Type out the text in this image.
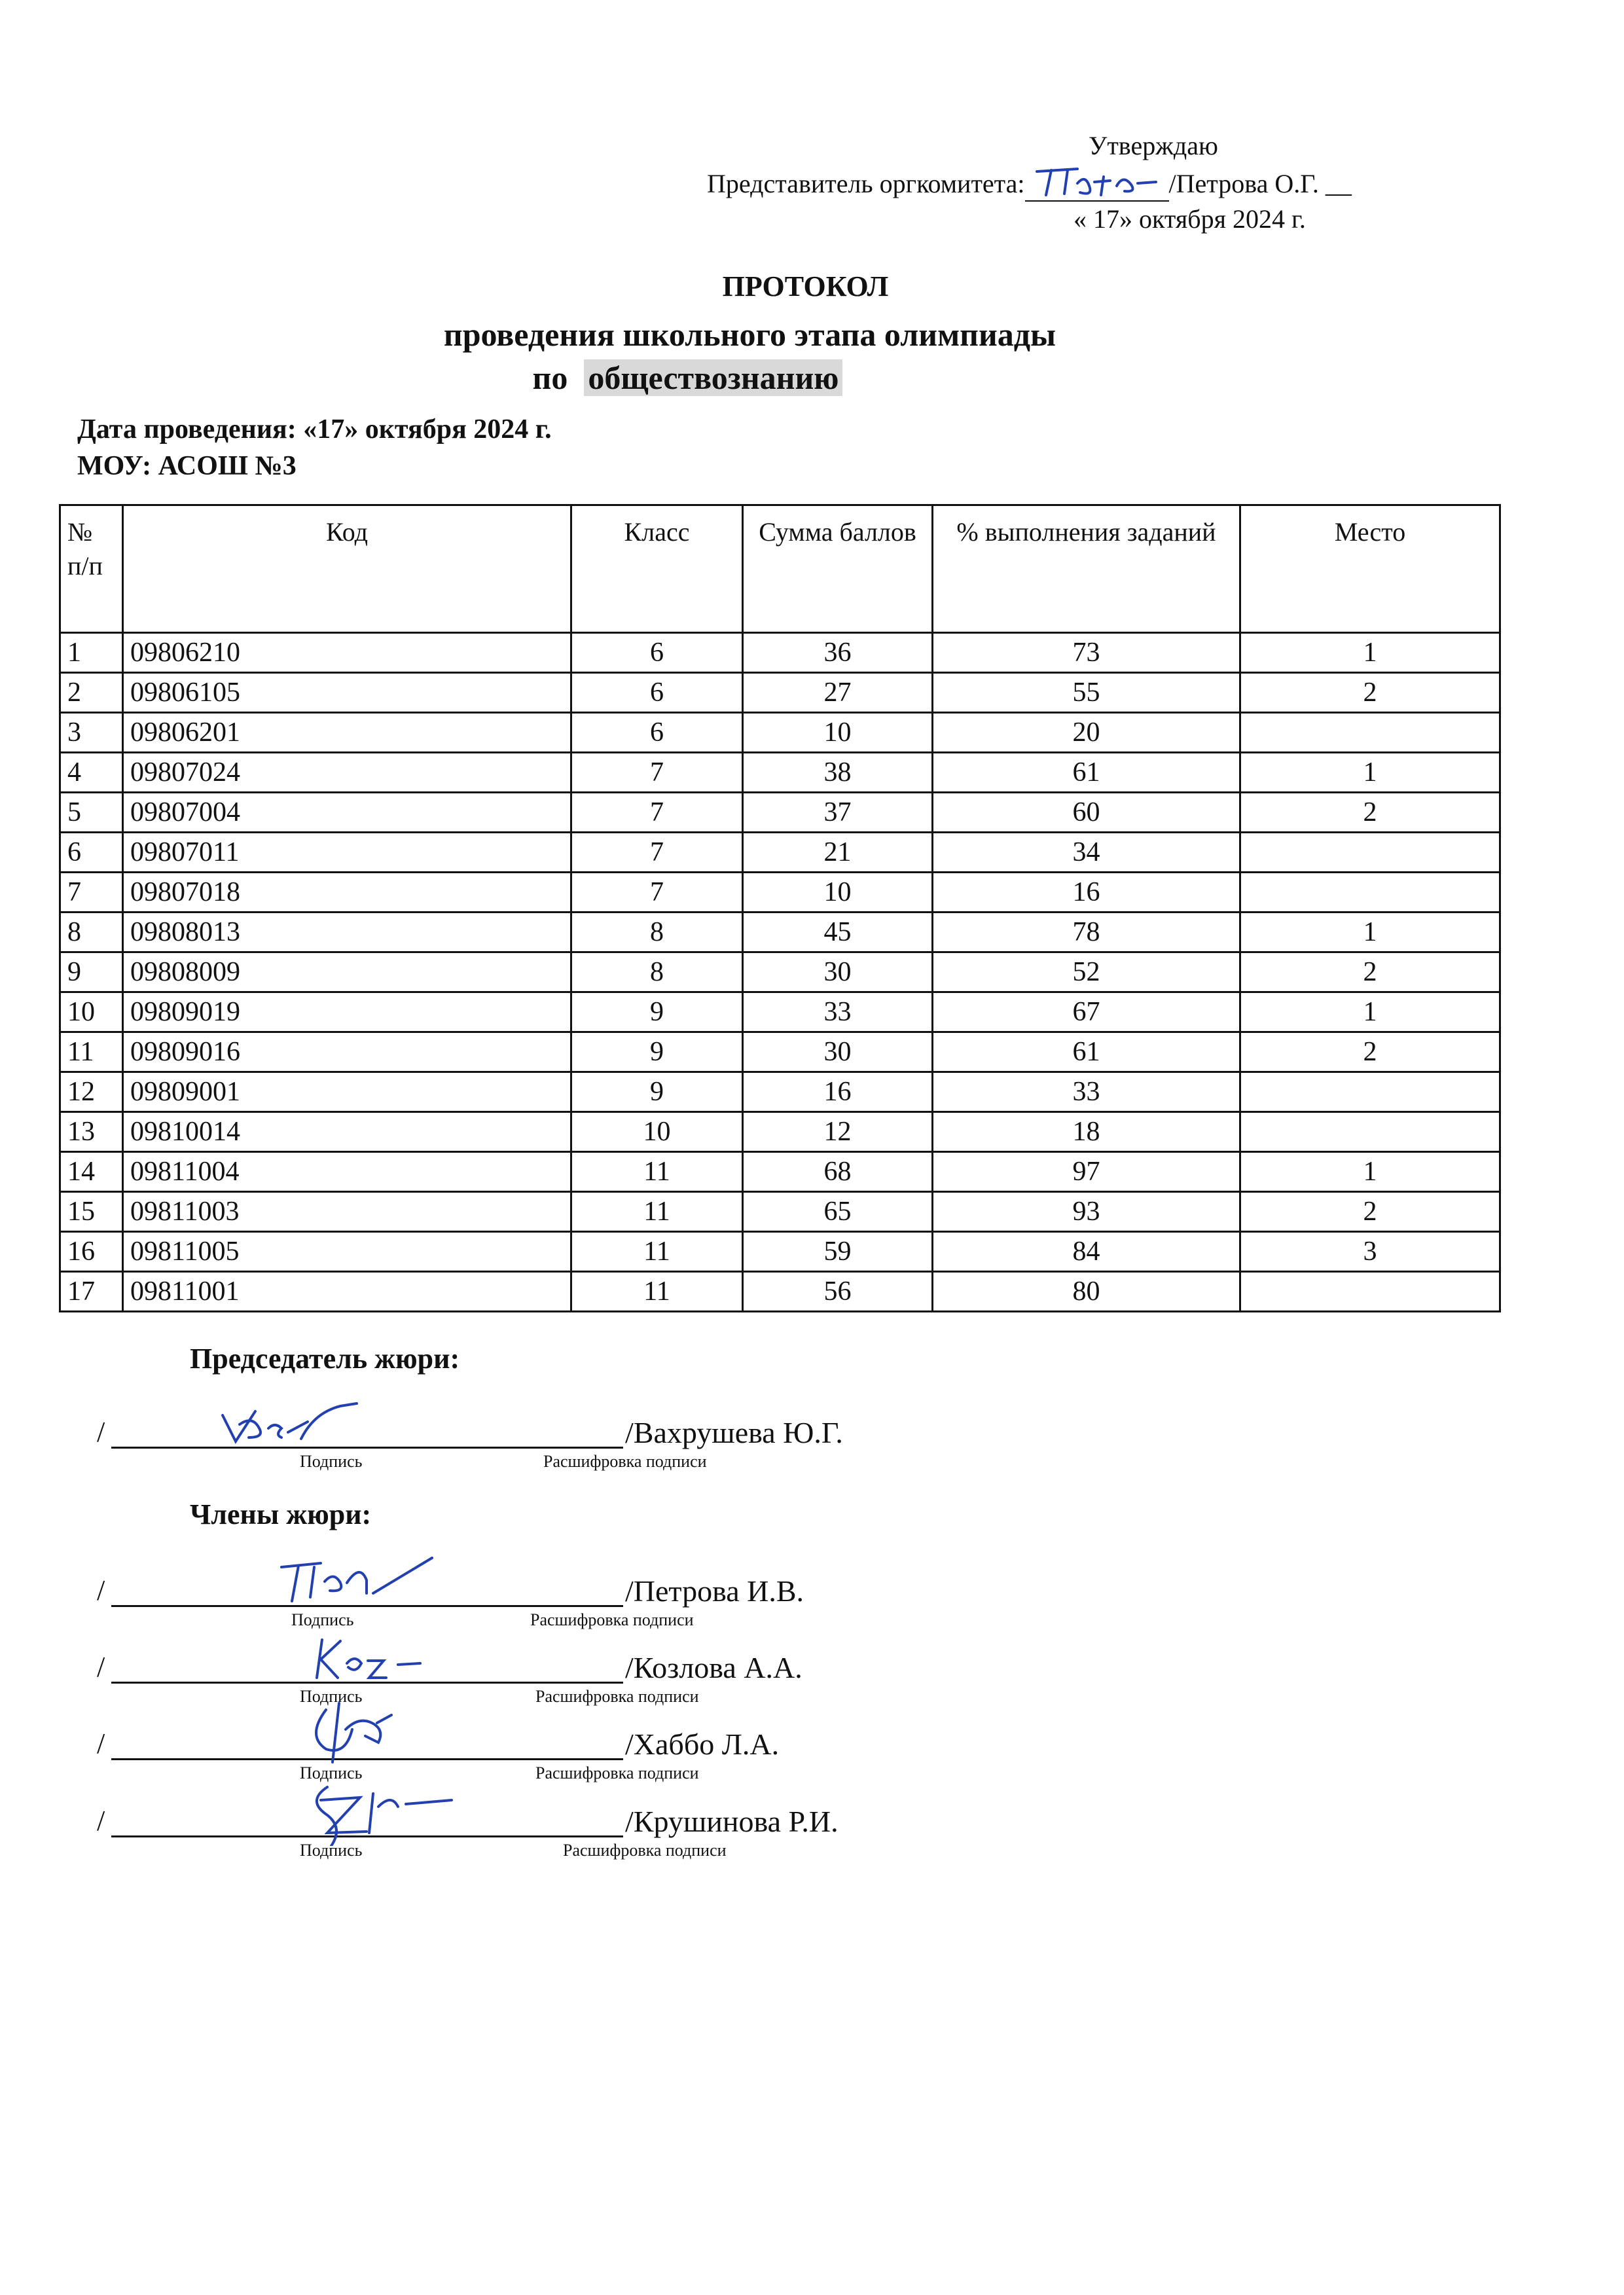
Утверждаю
Представитель оргкомитета:	/Петрова О.Г. __
« 17» октября 2024 г.
ПРОТОКОЛ
проведения школьного этапа олимпиады
по обществознанию
Дата проведения: «17» октября 2024 г.
МОУ: АСОШ №3
№ п/п	Код	Класс	Сумма баллов	% выполнения заданий	Место
1	09806210	6	36	73	1
2	09806105	6	27	55	2
3	09806201	6	10	20	
4	09807024	7	38	61	1
5	09807004	7	37	60	2
6	09807011	7	21	34	
7	09807018	7	10	16	
8	09808013	8	45	78	1
9	09808009	8	30	52	2
10	09809019	9	33	67	1
11	09809016	9	30	61	2
12	09809001	9	16	33	
13	09810014	10	12	18	
14	09811004	11	68	97	1
15	09811003	11	65	93	2
16	09811005	11	59	84	3
17	09811001	11	56	80	
Председатель жюри:
/	/Вахрушева Ю.Г.
Подпись	Расшифровка подписи
Члены жюри:
/	/Петрова И.В.
Подпись	Расшифровка подписи
/	/Козлова А.А.
Подпись	Расшифровка подписи
/	/Хаббо Л.А.
Подпись	Расшифровка подписи
/	/Крушинова Р.И.
Подпись	Расшифровка подписи
